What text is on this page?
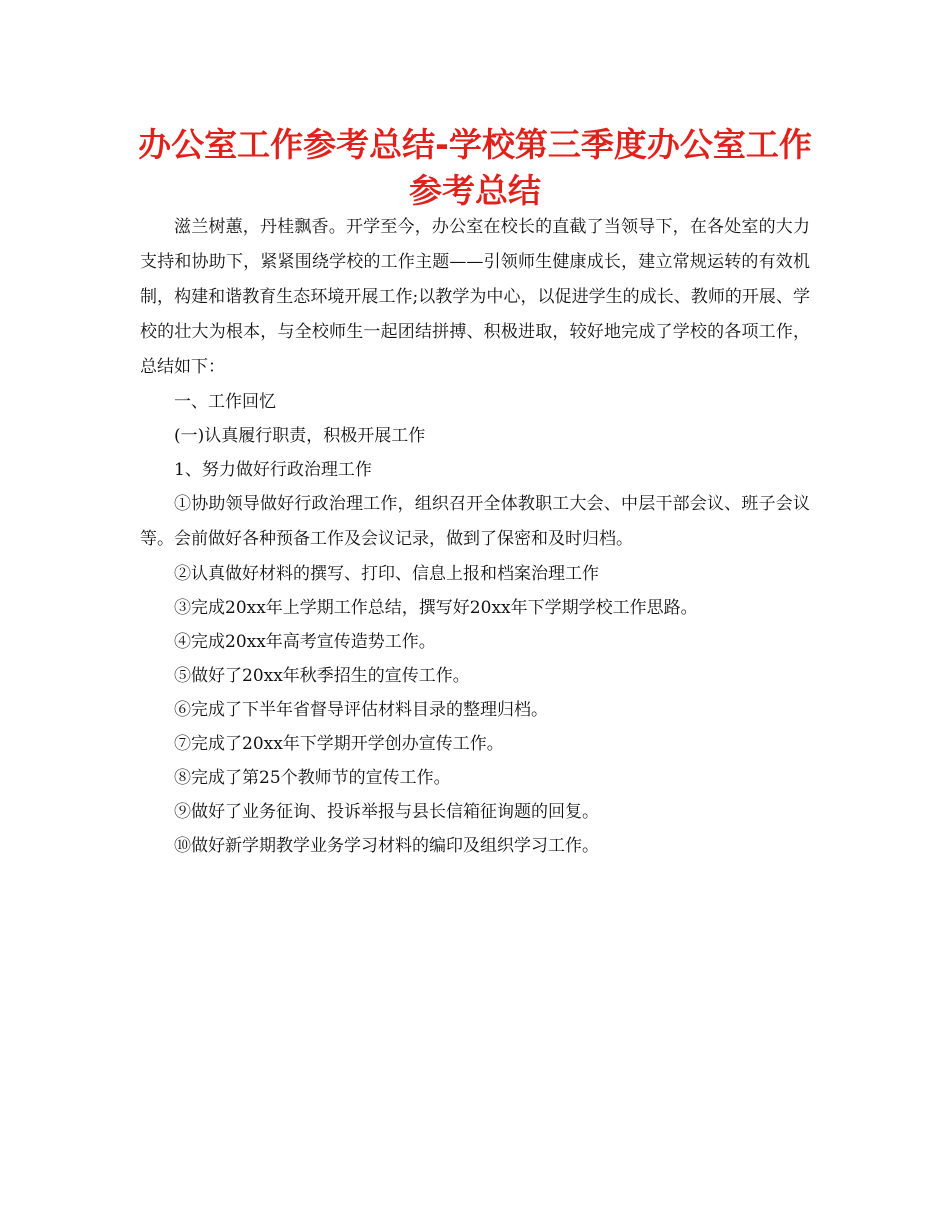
办公室工作参考总结-学校第三季度办公室工作参考总结

滋兰树蕙，丹桂飘香。开学至今，办公室在校长的直截了当领导下，在各处室的大力支持和协助下，紧紧围绕学校的工作主题——引领师生健康成长，建立常规运转的有效机制，构建和谐教育生态环境开展工作;以教学为中心，以促进学生的成长、教师的开展、学校的壮大为根本，与全校师生一起团结拼搏、积极进取，较好地完成了学校的各项工作，总结如下：

一、工作回忆

(一)认真履行职责，积极开展工作

1、努力做好行政治理工作

①协助领导做好行政治理工作，组织召开全体教职工大会、中层干部会议、班子会议等。会前做好各种预备工作及会议记录，做到了保密和及时归档。

②认真做好材料的撰写、打印、信息上报和档案治理工作

③完成20xx年上学期工作总结，撰写好20xx年下学期学校工作思路。

④完成20xx年高考宣传造势工作。

⑤做好了20xx年秋季招生的宣传工作。

⑥完成了下半年省督导评估材料目录的整理归档。

⑦完成了20xx年下学期开学创办宣传工作。

⑧完成了第25个教师节的宣传工作。

⑨做好了业务征询、投诉举报与县长信箱征询题的回复。

⑩做好新学期教学业务学习材料的编印及组织学习工作。
